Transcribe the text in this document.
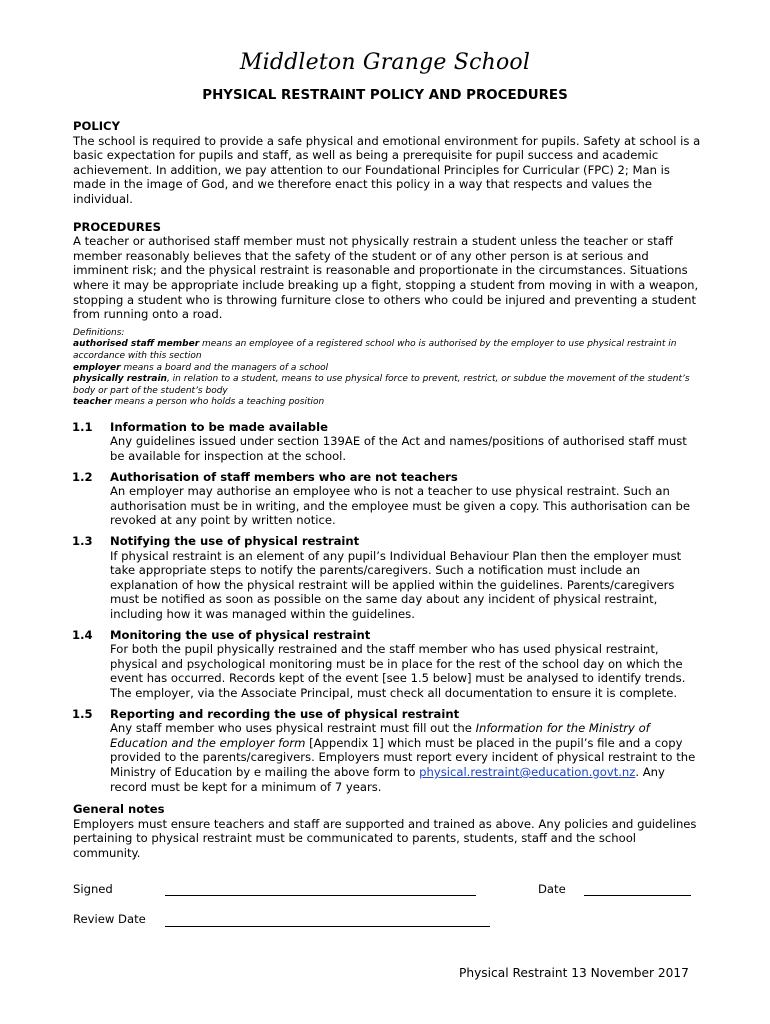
Middleton Grange School
PHYSICAL RESTRAINT POLICY AND PROCEDURES

POLICY

The school is required to provide a safe physical and emotional environment for pupils. Safety at school is a basic expectation for pupils and staff, as well as being a prerequisite for pupil success and academic achievement. In addition, we pay attention to our Foundational Principles for Curricular (FPC) 2; Man is made in the image of God, and we therefore enact this policy in a way that respects and values the individual.

PROCEDURES

A teacher or authorised staff member must not physically restrain a student unless the teacher or staff member reasonably believes that the safety of the student or of any other person is at serious and imminent risk; and the physical restraint is reasonable and proportionate in the circumstances. Situations where it may be appropriate include breaking up a fight, stopping a student from moving in with a weapon, stopping a student who is throwing furniture close to others who could be injured and preventing a student from running onto a road.

Definitions:
authorised staff member means an employee of a registered school who is authorised by the employer to use physical restraint in accordance with this section
employer means a board and the managers of a school
physically restrain, in relation to a student, means to use physical force to prevent, restrict, or subdue the movement of the student’s body or part of the student’s body
teacher means a person who holds a teaching position
1.1 Information to be made available
Any guidelines issued under section 139AE of the Act and names/positions of authorised staff must be available for inspection at the school.
1.2 Authorisation of staff members who are not teachers
An employer may authorise an employee who is not a teacher to use physical restraint. Such an authorisation must be in writing, and the employee must be given a copy. This authorisation can be revoked at any point by written notice.
1.3 Notifying the use of physical restraint
If physical restraint is an element of any pupil’s Individual Behaviour Plan then the employer must take appropriate steps to notify the parents/caregivers. Such a notification must include an explanation of how the physical restraint will be applied within the guidelines. Parents/caregivers must be notified as soon as possible on the same day about any incident of physical restraint, including how it was managed within the guidelines.
1.4 Monitoring the use of physical restraint
For both the pupil physically restrained and the staff member who has used physical restraint, physical and psychological monitoring must be in place for the rest of the school day on which the event has occurred. Records kept of the event [see 1.5 below] must be analysed to identify trends. The employer, via the Associate Principal, must check all documentation to ensure it is complete.
1.5 Reporting and recording the use of physical restraint
Any staff member who uses physical restraint must fill out the Information for the Ministry of Education and the employer form [Appendix 1] which must be placed in the pupil’s file and a copy provided to the parents/caregivers. Employers must report every incident of physical restraint to the Ministry of Education by e mailing the above form to physical.restraint@education.govt.nz. Any record must be kept for a minimum of 7 years.

General notes

Employers must ensure teachers and staff are supported and trained as above. Any policies and guidelines pertaining to physical restraint must be communicated to parents, students, staff and the school community.

Signed	Date
Review Date
Physical Restraint 13 November 2017
